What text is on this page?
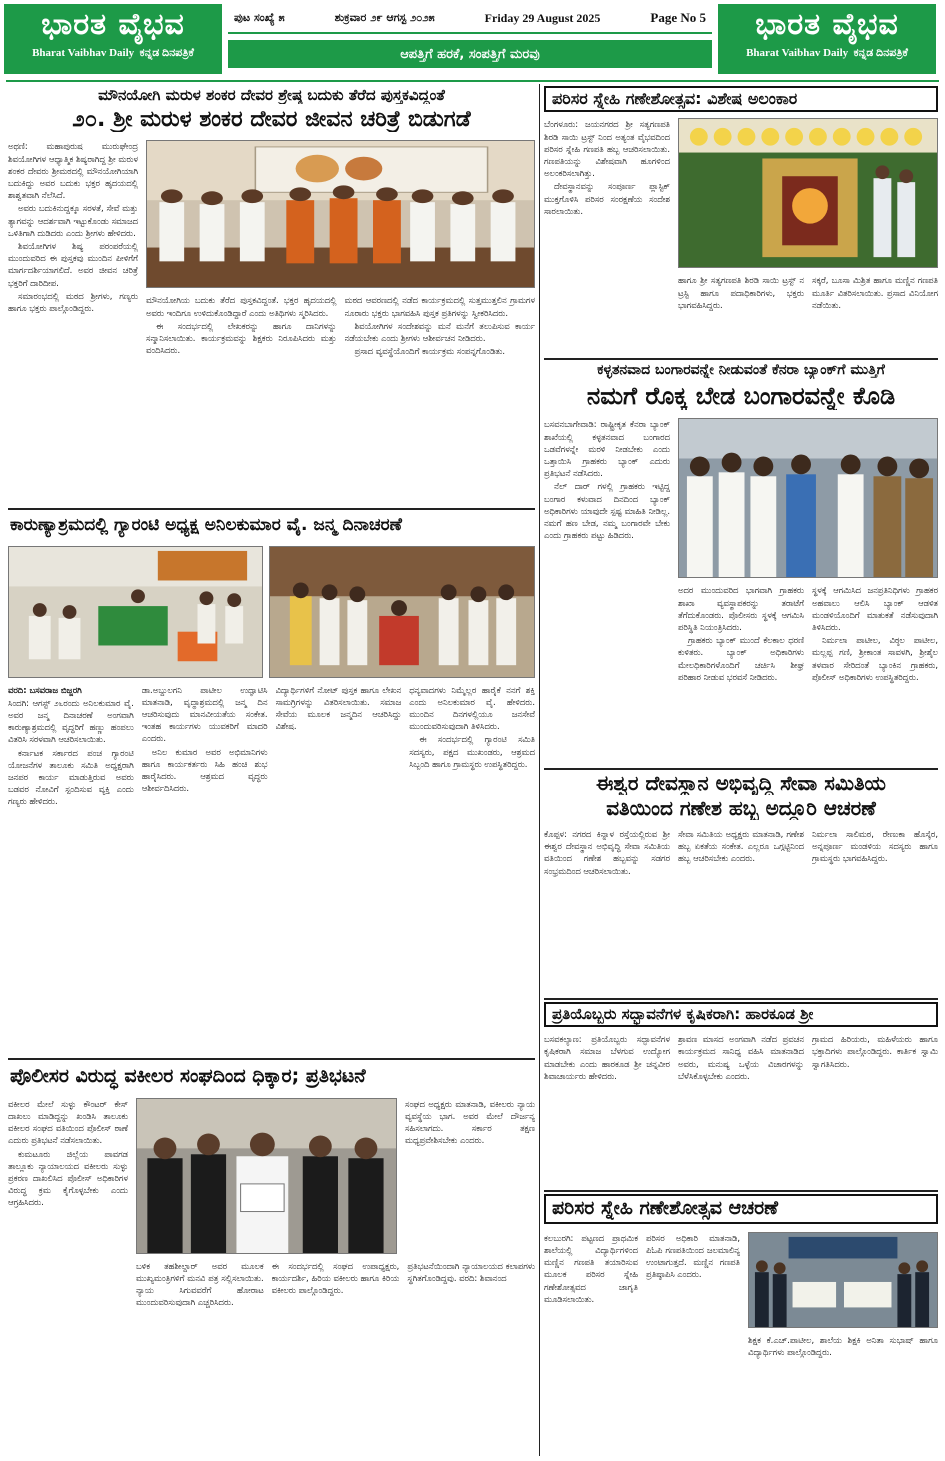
ಭಾರತ ವೈಭವ
Bharat Vaibhav Daily ಕನ್ನಡ ದಿನಪತ್ರಿಕೆ
ಪುಟ ಸಂಖ್ಯೆ ೫	ಶುಕ್ರವಾರ ೨೯ ಆಗಸ್ಟ ೨೦೨೫	Friday 29 August 2025	Page No 5
ಆಪತ್ತಿಗೆ ಹರಕೆ, ಸಂಪತ್ತಿಗೆ ಮರವು
ಭಾರತ ವೈಭವ
Bharat Vaibhav Daily ಕನ್ನಡ ದಿನಪತ್ರಿಕೆ
ಮೌನಯೋಗಿ ಮರುಳ ಶಂಕರ ದೇವರ ಶ್ರೇಷ್ಠ ಬದುಕು ತೆರೆದ ಪುಸ್ತಕವಿದ್ದಂತೆ
೨೦. ಶ್ರೀ ಮರುಳ ಶಂಕರ ದೇವರ ಜೀವನ ಚರಿತ್ರೆ ಬಿಡುಗಡೆ

ಅಥಣಿ: ಮಹಾಪುರುಷ ಮುರುಘೇಂದ್ರ ಶಿವಯೋಗಿಗಳ ಆಧ್ಯಾತ್ಮಿಕ ಶಿಷ್ಯರಾಗಿದ್ದ ಶ್ರೀ ಮರುಳ ಶಂಕರ ದೇವರು ಶ್ರೀಮಠದಲ್ಲಿ ಮೌನಯೋಗಿಯಾಗಿ ಬದುಕಿದ್ದು ಅವರ ಬದುಕು ಭಕ್ತರ ಹೃದಯದಲ್ಲಿ ಶಾಶ್ವತವಾಗಿ ನೆಲೆಸಿದೆ.

ಅವರು ಬದುಕಿನುದ್ದಕ್ಕೂ ಸರಳತೆ, ಸೇವೆ ಮತ್ತು ತ್ಯಾಗವನ್ನು ಆದರ್ಶವಾಗಿ ಇಟ್ಟುಕೊಂಡು ಸಮಾಜದ ಒಳಿತಿಗಾಗಿ ದುಡಿದರು ಎಂದು ಶ್ರೀಗಳು ಹೇಳಿದರು.

ಶಿವಯೋಗಿಗಳ ಶಿಷ್ಯ ಪರಂಪರೆಯಲ್ಲಿ ಮುಂದುವರಿದ ಈ ಪುಸ್ತಕವು ಮುಂದಿನ ಪೀಳಿಗೆಗೆ ಮಾರ್ಗದರ್ಶಿಯಾಗಲಿದೆ. ಅವರ ಜೀವನ ಚರಿತ್ರೆ ಭಕ್ತರಿಗೆ ದಾರಿದೀಪ.

ಸಮಾರಂಭದಲ್ಲಿ ಮಠದ ಶ್ರೀಗಳು, ಗಣ್ಯರು ಹಾಗೂ ಭಕ್ತರು ಪಾಲ್ಗೊಂಡಿದ್ದರು.

ಮೌನಯೋಗಿಯ ಬದುಕು ತೆರೆದ ಪುಸ್ತಕವಿದ್ದಂತೆ. ಭಕ್ತರ ಹೃದಯದಲ್ಲಿ ಅವರು ಇಂದಿಗೂ ಉಳಿದುಕೊಂಡಿದ್ದಾರೆ ಎಂದು ಅತಿಥಿಗಳು ಸ್ಮರಿಸಿದರು.

ಈ ಸಂದರ್ಭದಲ್ಲಿ ಲೇಖಕರನ್ನು ಹಾಗೂ ದಾನಿಗಳನ್ನು ಸನ್ಮಾನಿಸಲಾಯಿತು. ಕಾರ್ಯಕ್ರಮವನ್ನು ಶಿಕ್ಷಕರು ನಿರೂಪಿಸಿದರು ಮತ್ತು ವಂದಿಸಿದರು.

ಮಠದ ಆವರಣದಲ್ಲಿ ನಡೆದ ಕಾರ್ಯಕ್ರಮದಲ್ಲಿ ಸುತ್ತಮುತ್ತಲಿನ ಗ್ರಾಮಗಳ ನೂರಾರು ಭಕ್ತರು ಭಾಗವಹಿಸಿ ಪುಸ್ತಕ ಪ್ರತಿಗಳನ್ನು ಸ್ವೀಕರಿಸಿದರು.

ಶಿವಯೋಗಿಗಳ ಸಂದೇಶವನ್ನು ಮನೆ ಮನೆಗೆ ತಲುಪಿಸುವ ಕಾರ್ಯ ನಡೆಯಬೇಕು ಎಂದು ಶ್ರೀಗಳು ಆಶೀರ್ವಚನ ನೀಡಿದರು.

ಪ್ರಸಾದ ವ್ಯವಸ್ಥೆಯೊಂದಿಗೆ ಕಾರ್ಯಕ್ರಮ ಸಂಪನ್ನಗೊಂಡಿತು.

ಕಾರುಣ್ಯಾಶ್ರಮದಲ್ಲಿ ಗ್ಯಾರಂಟಿ ಅಧ್ಯಕ್ಷ ಅನಿಲಕುಮಾರ ವೈ. ಜನ್ಮ ದಿನಾಚರಣೆ

ವರದಿ: ಬಸವರಾಜ ಬಿಜ್ಜರಗಿ

ಸಿಂದಗಿ: ಆಗಸ್ಟ್ ೨೬ರಂದು ಅನಿಲಕುಮಾರ ವೈ. ಅವರ ಜನ್ಮ ದಿನಾಚರಣೆ ಅಂಗವಾಗಿ ಕಾರುಣ್ಯಾಶ್ರಮದಲ್ಲಿ ವೃದ್ಧರಿಗೆ ಹಣ್ಣು ಹಂಪಲು ವಿತರಿಸಿ ಸರಳವಾಗಿ ಆಚರಿಸಲಾಯಿತು.

ಕರ್ನಾಟಕ ಸರ್ಕಾರದ ಪಂಚ ಗ್ಯಾರಂಟಿ ಯೋಜನೆಗಳ ತಾಲೂಕು ಸಮಿತಿ ಅಧ್ಯಕ್ಷರಾಗಿ ಜನಪರ ಕಾರ್ಯ ಮಾಡುತ್ತಿರುವ ಅವರು ಬಡವರ ನೋವಿಗೆ ಸ್ಪಂದಿಸುವ ವ್ಯಕ್ತಿ ಎಂದು ಗಣ್ಯರು ಹೇಳಿದರು.

ಡಾ.ಅಬ್ದುಲಗನಿ ಪಾಟೀಲ ಉದ್ಘಾಟಿಸಿ ಮಾತನಾಡಿ, ವೃದ್ಧಾಶ್ರಮದಲ್ಲಿ ಜನ್ಮ ದಿನ ಆಚರಿಸುವುದು ಮಾನವೀಯತೆಯ ಸಂಕೇತ. ಇಂತಹ ಕಾರ್ಯಗಳು ಯುವಕರಿಗೆ ಮಾದರಿ ಎಂದರು.

ಅನಿಲ ಕುಮಾರ ಅವರ ಅಭಿಮಾನಿಗಳು ಹಾಗೂ ಕಾರ್ಯಕರ್ತರು ಸಿಹಿ ಹಂಚಿ ಶುಭ ಹಾರೈಸಿದರು. ಆಶ್ರಮದ ವೃದ್ಧರು ಆಶೀರ್ವದಿಸಿದರು.

ವಿದ್ಯಾರ್ಥಿಗಳಿಗೆ ನೋಟ್ ಪುಸ್ತಕ ಹಾಗೂ ಲೇಖನ ಸಾಮಗ್ರಿಗಳನ್ನು ವಿತರಿಸಲಾಯಿತು. ಸಮಾಜ ಸೇವೆಯ ಮೂಲಕ ಜನ್ಮದಿನ ಆಚರಿಸಿದ್ದು ವಿಶೇಷ.

ಧನ್ಯವಾದಗಳು ನಿಮ್ಮೆಲ್ಲರ ಹಾರೈಕೆ ನನಗೆ ಶಕ್ತಿ ಎಂದು ಅನಿಲಕುಮಾರ ವೈ. ಹೇಳಿದರು. ಮುಂದಿನ ದಿನಗಳಲ್ಲಿಯೂ ಜನಸೇವೆ ಮುಂದುವರಿಸುವುದಾಗಿ ತಿಳಿಸಿದರು.

ಈ ಸಂದರ್ಭದಲ್ಲಿ ಗ್ಯಾರಂಟಿ ಸಮಿತಿ ಸದಸ್ಯರು, ಪಕ್ಷದ ಮುಖಂಡರು, ಆಶ್ರಮದ ಸಿಬ್ಬಂದಿ ಹಾಗೂ ಗ್ರಾಮಸ್ಥರು ಉಪಸ್ಥಿತರಿದ್ದರು.

ಪೊಲೀಸರ ವಿರುದ್ಧ ವಕೀಲರ ಸಂಘದಿಂದ ಧಿಕ್ಕಾರ; ಪ್ರತಿಭಟನೆ

ವಕೀಲರ ಮೇಲೆ ಸುಳ್ಳು ಕೌಂಟರ್ ಕೇಸ್ ದಾಖಲು ಮಾಡಿದ್ದನ್ನು ಖಂಡಿಸಿ ತಾಲೂಕು ವಕೀಲರ ಸಂಘದ ವತಿಯಿಂದ ಪೊಲೀಸ್ ಠಾಣೆ ಎದುರು ಪ್ರತಿಭಟನೆ ನಡೆಸಲಾಯಿತು.

ಕುಮಟೂರು ಜಿಲ್ಲೆಯ ಪಾವಗಡ ತಾಲ್ಲೂಕು ನ್ಯಾಯಾಲಯದ ವಕೀಲರು ಸುಳ್ಳು ಪ್ರಕರಣ ದಾಖಲಿಸಿದ ಪೊಲೀಸ್ ಅಧಿಕಾರಿಗಳ ವಿರುದ್ಧ ಕ್ರಮ ಕೈಗೊಳ್ಳಬೇಕು ಎಂದು ಆಗ್ರಹಿಸಿದರು.

ಸಂಘದ ಅಧ್ಯಕ್ಷರು ಮಾತನಾಡಿ, ವಕೀಲರು ನ್ಯಾಯ ವ್ಯವಸ್ಥೆಯ ಭಾಗ. ಅವರ ಮೇಲೆ ದೌರ್ಜನ್ಯ ಸಹಿಸಲಾಗದು. ಸರ್ಕಾರ ತಕ್ಷಣ ಮಧ್ಯಪ್ರವೇಶಿಸಬೇಕು ಎಂದರು.

ಬಳಿಕ ತಹಶೀಲ್ದಾರ್ ಅವರ ಮೂಲಕ ಮುಖ್ಯಮಂತ್ರಿಗಳಿಗೆ ಮನವಿ ಪತ್ರ ಸಲ್ಲಿಸಲಾಯಿತು. ನ್ಯಾಯ ಸಿಗುವವರೆಗೆ ಹೋರಾಟ ಮುಂದುವರಿಸುವುದಾಗಿ ಎಚ್ಚರಿಸಿದರು.

ಈ ಸಂದರ್ಭದಲ್ಲಿ ಸಂಘದ ಉಪಾಧ್ಯಕ್ಷರು, ಕಾರ್ಯದರ್ಶಿ, ಹಿರಿಯ ವಕೀಲರು ಹಾಗೂ ಕಿರಿಯ ವಕೀಲರು ಪಾಲ್ಗೊಂಡಿದ್ದರು.

ಪ್ರತಿಭಟನೆಯಿಂದಾಗಿ ನ್ಯಾಯಾಲಯದ ಕಲಾಪಗಳು ಸ್ಥಗಿತಗೊಂಡಿದ್ದವು. ವರದಿ: ಶಿವಾನಂದ

ಪರಿಸರ ಸ್ನೇಹಿ ಗಣೇಶೋತ್ಸವ: ವಿಶೇಷ ಅಲಂಕಾರ

ಬೆಂಗಳೂರು: ಜಯನಗರದ ಶ್ರೀ ಸತ್ಯಗಣಪತಿ ಶಿರಡಿ ಸಾಯಿ ಟ್ರಸ್ಟ್ ನಿಂದ ಅತ್ಯಂತ ವೈಭವದಿಂದ ಪರಿಸರ ಸ್ನೇಹಿ ಗಣಪತಿ ಹಬ್ಬ ಆಚರಿಸಲಾಯಿತು. ಗಣಪತಿಯನ್ನು ವಿಶೇಷವಾಗಿ ಹೂಗಳಿಂದ ಅಲಂಕರಿಸಲಾಗಿತ್ತು.

ದೇವಸ್ಥಾನವನ್ನು ಸಂಪೂರ್ಣ ಪ್ಲಾಸ್ಟಿಕ್ ಮುಕ್ತಗೊಳಿಸಿ ಪರಿಸರ ಸಂರಕ್ಷಣೆಯ ಸಂದೇಶ ಸಾರಲಾಯಿತು.

ಹಾಗೂ ಶ್ರೀ ಸತ್ಯಗಣಪತಿ ಶಿರಡಿ ಸಾಯಿ ಟ್ರಸ್ಟ್ ನ ಟ್ರಸ್ಟಿ ಹಾಗೂ ಪದಾಧಿಕಾರಿಗಳು, ಭಕ್ತರು ಭಾಗವಹಿಸಿದ್ದರು.

ಸಕ್ಕರೆ, ಬೂಸಾ ಮಿಶ್ರಿತ ಹಾಗೂ ಮಣ್ಣಿನ ಗಣಪತಿ ಮೂರ್ತಿ ವಿತರಿಸಲಾಯಿತು. ಪ್ರಸಾದ ವಿನಿಯೋಗ ನಡೆಯಿತು.

ಕಳ್ಳತನವಾದ ಬಂಗಾರವನ್ನೇ ನೀಡುವಂತೆ ಕೆನರಾ ಬ್ಯಾಂಕ್‌ಗೆ ಮುತ್ತಿಗೆ
ನಮಗೆ ರೊಕ್ಕ ಬೇಡ ಬಂಗಾರವನ್ನೇ ಕೊಡಿ

ಬಸವನಬಾಗೇವಾಡಿ: ರಾಷ್ಟ್ರೀಕೃತ ಕೆನರಾ ಬ್ಯಾಂಕ್ ಶಾಖೆಯಲ್ಲಿ ಕಳ್ಳತನವಾದ ಬಂಗಾರದ ಒಡವೆಗಳನ್ನೇ ಮರಳಿ ನೀಡಬೇಕು ಎಂದು ಒತ್ತಾಯಿಸಿ ಗ್ರಾಹಕರು ಬ್ಯಾಂಕ್ ಎದುರು ಪ್ರತಿಭಟನೆ ನಡೆಸಿದರು.

ನೆಲ್ ದಾರ್ ಗಳಲ್ಲಿ ಗ್ರಾಹಕರು ಇಟ್ಟಿದ್ದ ಬಂಗಾರ ಕಳುವಾದ ದಿನದಿಂದ ಬ್ಯಾಂಕ್ ಅಧಿಕಾರಿಗಳು ಯಾವುದೇ ಸ್ಪಷ್ಟ ಮಾಹಿತಿ ನೀಡಿಲ್ಲ. ನಮಗೆ ಹಣ ಬೇಡ, ನಮ್ಮ ಬಂಗಾರವೇ ಬೇಕು ಎಂದು ಗ್ರಾಹಕರು ಪಟ್ಟು ಹಿಡಿದರು.

ಅದರ ಮುಂದುವರಿದ ಭಾಗವಾಗಿ ಗ್ರಾಹಕರು ಶಾಖಾ ವ್ಯವಸ್ಥಾಪಕರನ್ನು ತರಾಟೆಗೆ ತೆಗೆದುಕೊಂಡರು. ಪೊಲೀಸರು ಸ್ಥಳಕ್ಕೆ ಆಗಮಿಸಿ ಪರಿಸ್ಥಿತಿ ನಿಯಂತ್ರಿಸಿದರು.

ಗ್ರಾಹಕರು ಬ್ಯಾಂಕ್ ಮುಂದೆ ಕೆಲಕಾಲ ಧರಣಿ ಕುಳಿತರು. ಬ್ಯಾಂಕ್ ಅಧಿಕಾರಿಗಳು ಮೇಲಧಿಕಾರಿಗಳೊಂದಿಗೆ ಚರ್ಚಿಸಿ ಶೀಘ್ರ ಪರಿಹಾರ ನೀಡುವ ಭರವಸೆ ನೀಡಿದರು.

ಸ್ಥಳಕ್ಕೆ ಆಗಮಿಸಿದ ಜನಪ್ರತಿನಿಧಿಗಳು ಗ್ರಾಹಕರ ಅಹವಾಲು ಆಲಿಸಿ ಬ್ಯಾಂಕ್ ಆಡಳಿತ ಮಂಡಳಿಯೊಂದಿಗೆ ಮಾತುಕತೆ ನಡೆಸುವುದಾಗಿ ತಿಳಿಸಿದರು.

ನಿರ್ಮಲಾ ಪಾಟೀಲ, ವಿಠ್ಠಲ ಪಾಟೀಲ, ಮಲ್ಲಪ್ಪ ಗಣಿ, ಶ್ರೀಕಾಂತ ಸಾವಳಗಿ, ಶ್ರೀಶೈಲ ತಳವಾರ ಸೇರಿದಂತೆ ಬ್ಯಾಂಕಿನ ಗ್ರಾಹಕರು, ಪೊಲೀಸ್ ಅಧಿಕಾರಿಗಳು ಉಪಸ್ಥಿತರಿದ್ದರು.

ಈಶ್ವರ ದೇವಸ್ಥಾನ ಅಭಿವೃದ್ಧಿ ಸೇವಾ ಸಮಿತಿಯ
ವತಿಯಿಂದ ಗಣೇಶ ಹಬ್ಬ ಅದ್ದೂರಿ ಆಚರಣೆ

ಕೊಪ್ಪಳ: ನಗರದ ಕಿನ್ನಾಳ ರಸ್ತೆಯಲ್ಲಿರುವ ಶ್ರೀ ಈಶ್ವರ ದೇವಸ್ಥಾನ ಅಭಿವೃದ್ಧಿ ಸೇವಾ ಸಮಿತಿಯ ವತಿಯಿಂದ ಗಣೇಶ ಹಬ್ಬವನ್ನು ಸಡಗರ ಸಂಭ್ರಮದಿಂದ ಆಚರಿಸಲಾಯಿತು.

ಸೇವಾ ಸಮಿತಿಯ ಅಧ್ಯಕ್ಷರು ಮಾತನಾಡಿ, ಗಣೇಶ ಹಬ್ಬ ಏಕತೆಯ ಸಂಕೇತ. ಎಲ್ಲರೂ ಒಗ್ಗಟ್ಟಿನಿಂದ ಹಬ್ಬ ಆಚರಿಸಬೇಕು ಎಂದರು.

ನಿರ್ಮಲಾ ಸಾಲಿಮಠ, ರೇಣುಕಾ ಹೊಸ್ಕೆರ, ಅನ್ನಪೂರ್ಣ ಮಂಡಳಿಯ ಸದಸ್ಯರು ಹಾಗೂ ಗ್ರಾಮಸ್ಥರು ಭಾಗವಹಿಸಿದ್ದರು.

ಪ್ರತಿಯೊಬ್ಬರು ಸದ್ಭಾವನೆಗಳ ಕೃಷಿಕರಾಗಿ: ಹಾರಕೂಡ ಶ್ರೀ

ಬಸವಕಲ್ಯಾಣ: ಪ್ರತಿಯೊಬ್ಬರು ಸದ್ಭಾವನೆಗಳ ಕೃಷಿಕರಾಗಿ ಸಮಾಜ ಬೆಳಗುವ ಉದ್ಯೋಗ ಮಾಡಬೇಕು ಎಂದು ಹಾರಕೂಡ ಶ್ರೀ ಚನ್ನವೀರ ಶಿವಾಚಾರ್ಯರು ಹೇಳಿದರು.

ಶ್ರಾವಣ ಮಾಸದ ಅಂಗವಾಗಿ ನಡೆದ ಪ್ರವಚನ ಕಾರ್ಯಕ್ರಮದ ಸಾನಿಧ್ಯ ವಹಿಸಿ ಮಾತನಾಡಿದ ಅವರು, ಮನುಷ್ಯ ಒಳ್ಳೆಯ ವಿಚಾರಗಳನ್ನು ಬೆಳೆಸಿಕೊಳ್ಳಬೇಕು ಎಂದರು.

ಗ್ರಾಮದ ಹಿರಿಯರು, ಮಹಿಳೆಯರು ಹಾಗೂ ಭಕ್ತಾದಿಗಳು ಪಾಲ್ಗೊಂಡಿದ್ದರು. ಕಾರ್ತಿಕ ಸ್ವಾಮಿ ಸ್ವಾಗತಿಸಿದರು.

ಪರಿಸರ ಸ್ನೇಹಿ ಗಣೇಶೋತ್ಸವ ಆಚರಣೆ

ಕಲಬುರಗಿ: ಪಟ್ಟಣದ ಪ್ರಾಥಮಿಕ ಶಾಲೆಯಲ್ಲಿ ವಿದ್ಯಾರ್ಥಿಗಳಿಂದ ಮಣ್ಣಿನ ಗಣಪತಿ ತಯಾರಿಸುವ ಮೂಲಕ ಪರಿಸರ ಸ್ನೇಹಿ ಗಣೇಶೋತ್ಸವದ ಜಾಗೃತಿ ಮೂಡಿಸಲಾಯಿತು.

ಪರಿಸರ ಅಧಿಕಾರಿ ಮಾತನಾಡಿ, ಪಿಓಪಿ ಗಣಪತಿಯಿಂದ ಜಲಮಾಲಿನ್ಯ ಉಂಟಾಗುತ್ತದೆ. ಮಣ್ಣಿನ ಗಣಪತಿ ಪ್ರತಿಷ್ಠಾಪಿಸಿ ಎಂದರು.

ಶಿಕ್ಷಕ ಕೆ.ಎಚ್.ಪಾಟೀಲ, ಶಾಲೆಯ ಶಿಕ್ಷಕಿ ಅನಿತಾ ಸುಭಾಷ್ ಹಾಗೂ ವಿದ್ಯಾರ್ಥಿಗಳು ಪಾಲ್ಗೊಂಡಿದ್ದರು.
